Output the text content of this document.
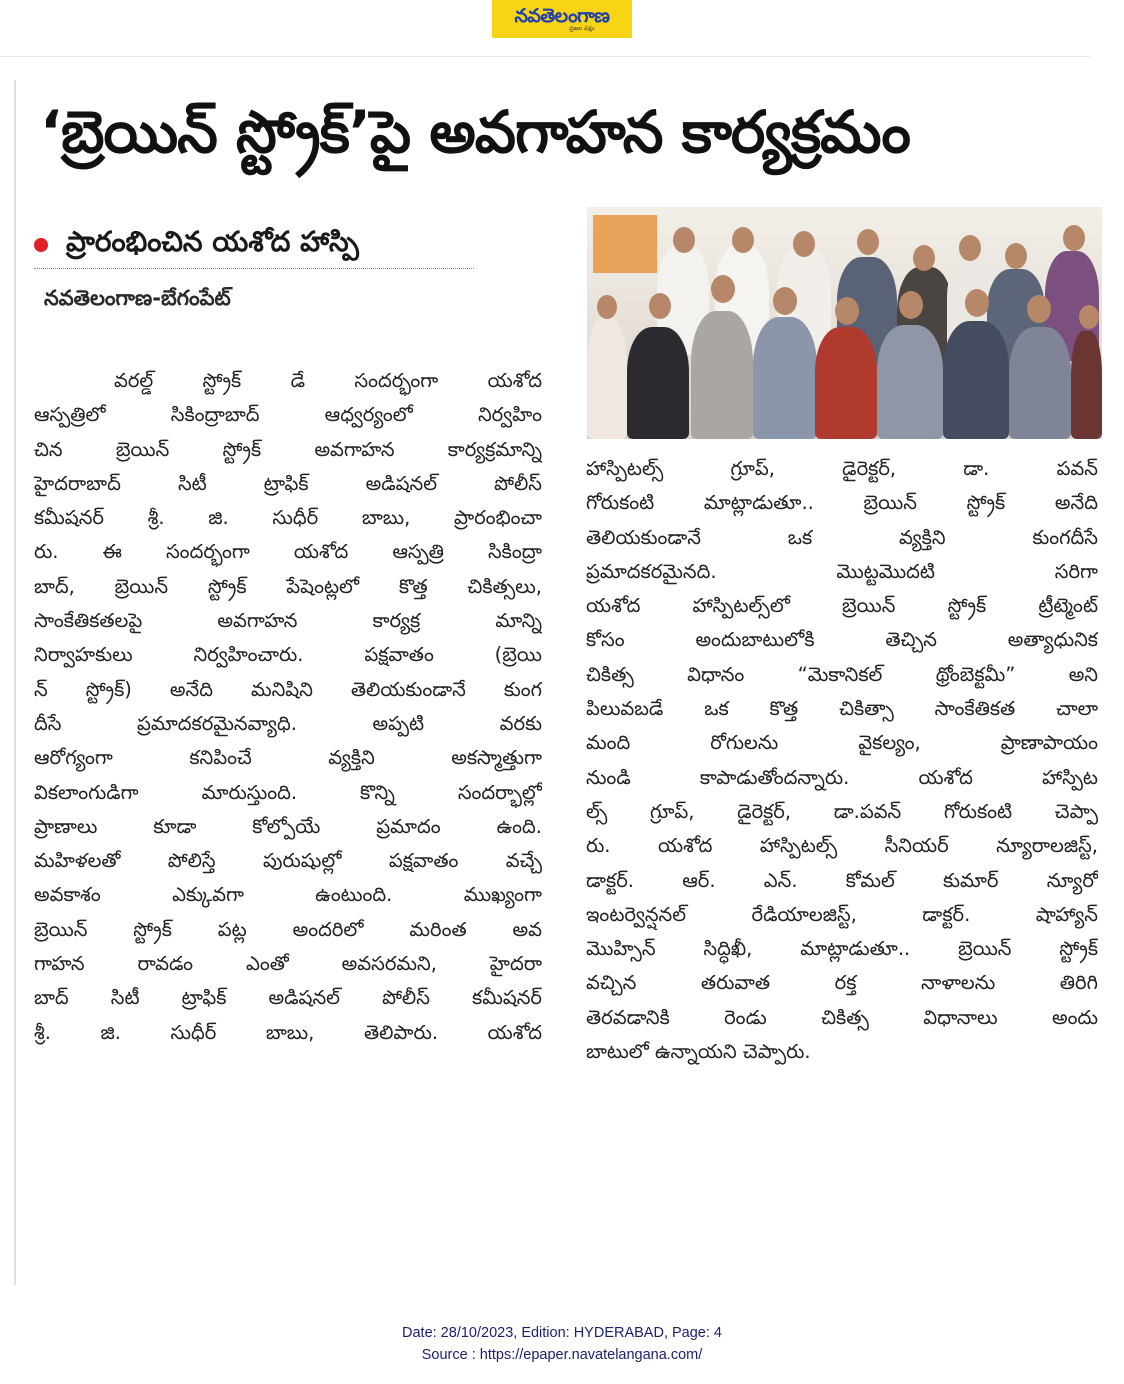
నవతెలంగాణ
ప్రజల పక్షం
‘బ్రెయిన్ స్ట్రోక్’పై అవగాహన కార్యక్రమం
ప్రారంభించిన యశోద హాస్పి
నవతెలంగాణ-బేగంపేట్
వరల్డ్ స్ట్రోక్ డే సందర్భంగా యశోద
ఆస్పత్రిలో సికింద్రాబాద్ ఆధ్వర్యంలో నిర్వహిం
చిన బ్రెయిన్ స్ట్రోక్ అవగాహన కార్యక్రమాన్ని
హైదరాబాద్ సిటీ ట్రాఫిక్ అడిషనల్ పోలీస్
కమీషనర్ శ్రీ. జి. సుధీర్ బాబు, ప్రారంభించా
రు. ఈ సందర్భంగా యశోద ఆస్పత్రి సికింద్రా
బాద్, బ్రెయిన్ స్ట్రోక్ పేషెంట్లలో కొత్త చికిత్సలు,
సాంకేతికతలపై అవగాహన కార్యక్ర మాన్ని
నిర్వాహకులు నిర్వహించారు. పక్షవాతం (బ్రెయి
న్ స్ట్రోక్) అనేది మనిషిని తెలియకుండానే కుంగ
దీసే ప్రమాదకరమైనవ్యాధి. అప్పటి వరకు
ఆరోగ్యంగా కనిపించే వ్యక్తిని అకస్మాత్తుగా
వికలాంగుడిగా మారుస్తుంది. కొన్ని సందర్భాల్లో
ప్రాణాలు కూడా కోల్పోయే ప్రమాదం ఉంది.
మహిళలతో పోలిస్తే పురుషుల్లో పక్షవాతం వచ్చే
అవకాశం ఎక్కువగా ఉంటుంది. ముఖ్యంగా
బ్రెయిన్ స్ట్రోక్ పట్ల అందరిలో మరింత అవ
గాహన రావడం ఎంతో అవసరమని, హైదరా
బాద్ సిటీ ట్రాఫిక్ అడిషనల్ పోలీస్ కమీషనర్
శ్రీ. జి. సుధీర్ బాబు, తెలిపారు. యశోద
హాస్పిటల్స్ గ్రూప్, డైరెక్టర్, డా. పవన్
గోరుకంటి మాట్లాడుతూ.. బ్రెయిన్ స్ట్రోక్ అనేది
తెలియకుండానే ఒక వ్యక్తిని కుంగదీసే
ప్రమాదకరమైనది. మొట్టమొదటి సరిగా
యశోద హాస్పిటల్స్‌లో బ్రెయిన్ స్ట్రోక్ ట్రీట్మెంట్
కోసం అందుబాటులోకి తెచ్చిన అత్యాధునిక
చికిత్స విధానం “మెకానికల్ థ్రోంబెక్టమీ” అని
పిలువబడే ఒక కొత్త చికిత్సా సాంకేతికత చాలా
మంది రోగులను వైకల్యం, ప్రాణాపాయం
నుండి కాపాడుతోందన్నారు. యశోద హాస్పిట
ల్స్ గ్రూప్, డైరెక్టర్, డా.పవన్ గోరుకంటి చెప్పా
రు. యశోద హాస్పిటల్స్ సీనియర్ న్యూరాలజిస్ట్,
డాక్టర్. ఆర్. ఎన్. కోమల్ కుమార్ న్యూరో
ఇంటర్వెన్షనల్ రేడియాలజిస్ట్, డాక్టర్. షాహ్యాన్
మొహ్సిన్ సిద్ధిఖీ, మాట్లాడుతూ.. బ్రెయిన్ స్ట్రోక్
వచ్చిన తరువాత రక్త నాళాలను తిరిగి
తెరవడానికి రెండు చికిత్స విధానాలు అందు
బాటులో ఉన్నాయని చెప్పారు.
Date: 28/10/2023, Edition: HYDERABAD, Page: 4
Source : https://epaper.navatelangana.com/
